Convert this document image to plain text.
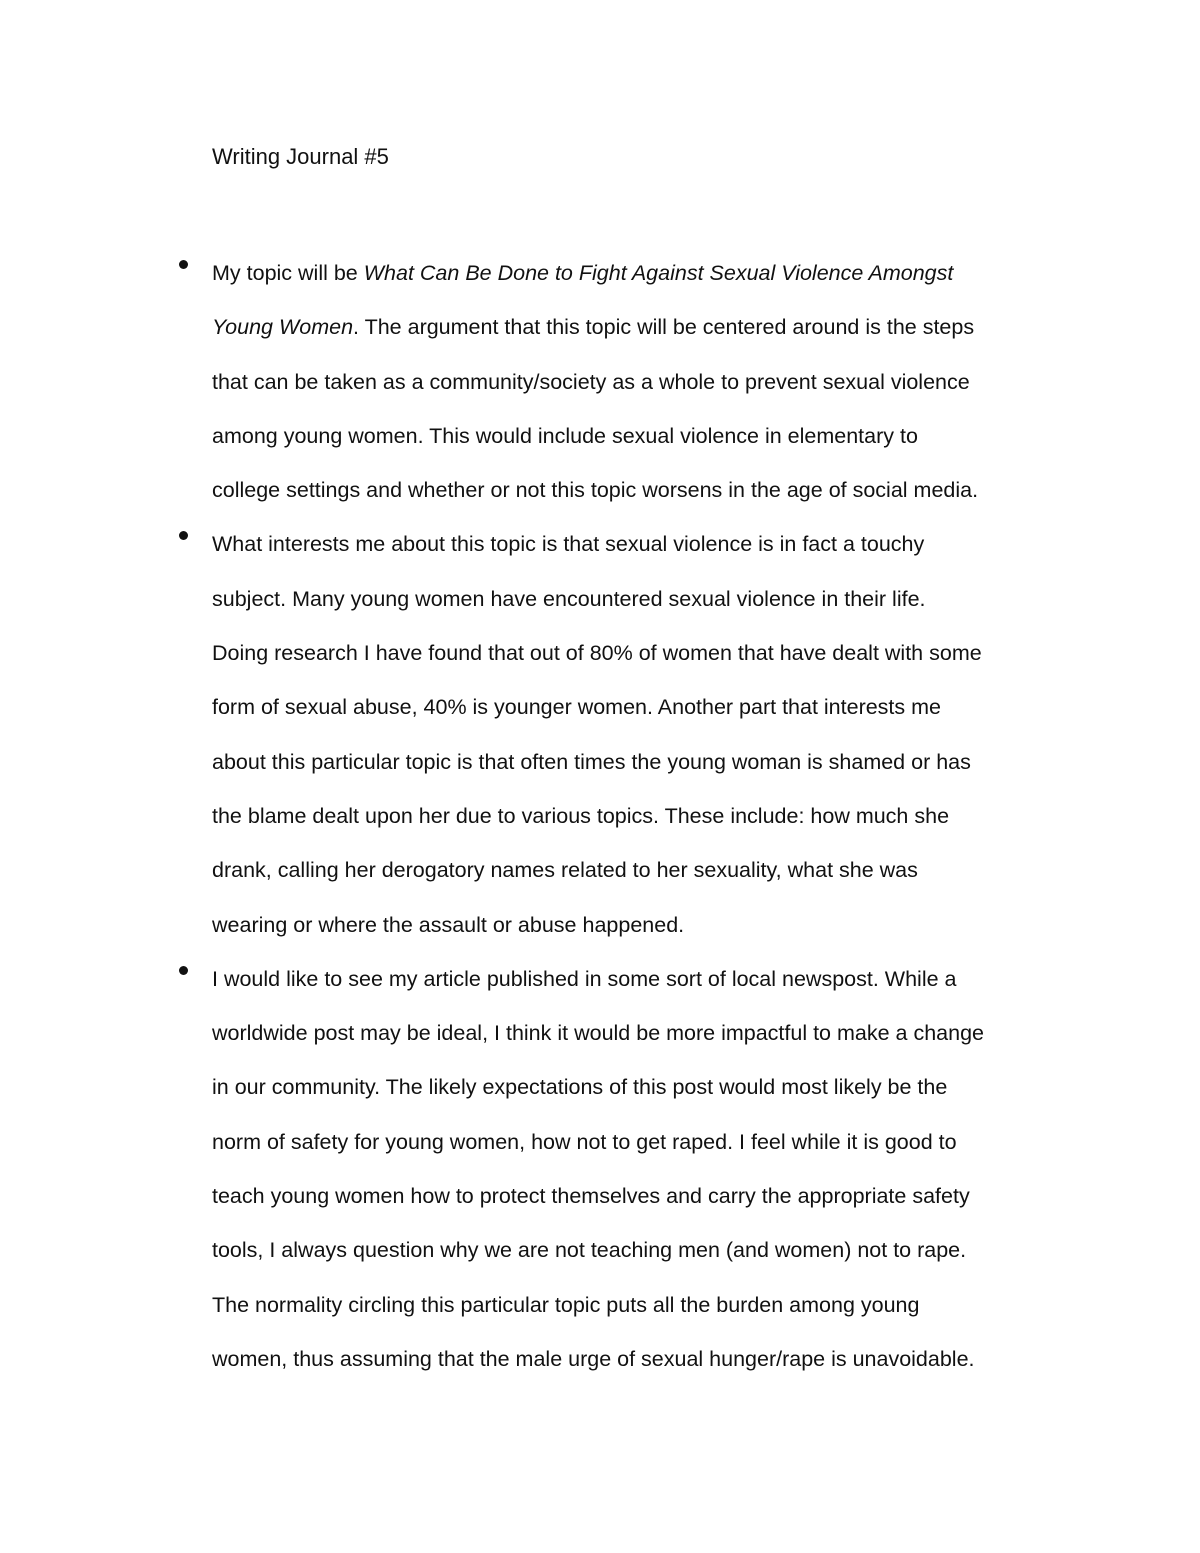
Writing Journal #5
My topic will be What Can Be Done to Fight Against Sexual Violence Amongst
Young Women. The argument that this topic will be centered around is the steps
that can be taken as a community/society as a whole to prevent sexual violence
among young women. This would include sexual violence in elementary to
college settings and whether or not this topic worsens in the age of social media.
What interests me about this topic is that sexual violence is in fact a touchy
subject. Many young women have encountered sexual violence in their life.
Doing research I have found that out of 80% of women that have dealt with some
form of sexual abuse, 40% is younger women. Another part that interests me
about this particular topic is that often times the young woman is shamed or has
the blame dealt upon her due to various topics. These include: how much she
drank, calling her derogatory names related to her sexuality, what she was
wearing or where the assault or abuse happened.
I would like to see my article published in some sort of local newspost. While a
worldwide post may be ideal, I think it would be more impactful to make a change
in our community. The likely expectations of this post would most likely be the
norm of safety for young women, how not to get raped. I feel while it is good to
teach young women how to protect themselves and carry the appropriate safety
tools, I always question why we are not teaching men (and women) not to rape.
The normality circling this particular topic puts all the burden among young
women, thus assuming that the male urge of sexual hunger/rape is unavoidable.
